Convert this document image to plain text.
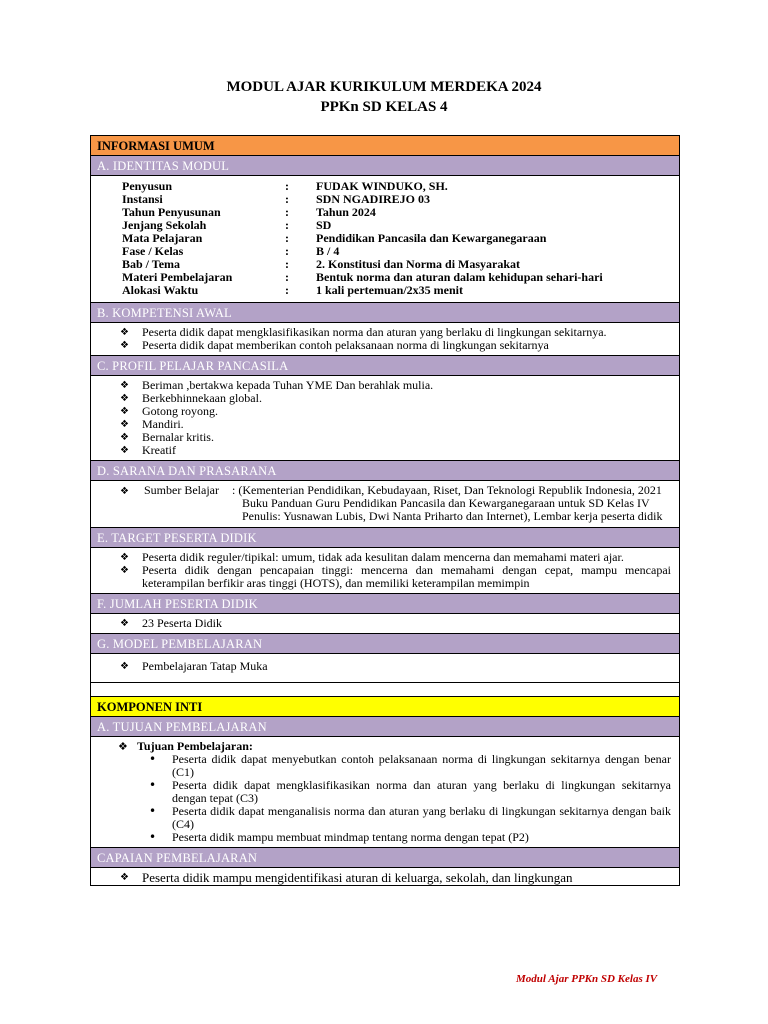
MODUL AJAR KURIKULUM MERDEKA 2024
PPKn SD KELAS 4
INFORMASI UMUM
A. IDENTITAS MODUL
Penyusun	:	FUDAK WINDUKO, SH.
Instansi	:	SDN NGADIREJO 03
Tahun Penyusunan	:	Tahun 2024
Jenjang Sekolah	:	SD
Mata Pelajaran	:	Pendidikan Pancasila dan Kewarganegaraan
Fase / Kelas	:	B / 4
Bab / Tema	:	2. Konstitusi dan Norma di Masyarakat
Materi Pembelajaran	:	Bentuk norma dan aturan dalam kehidupan sehari-hari
Alokasi Waktu	:	1 kali pertemuan/2x35 menit
B. KOMPETENSI AWAL
❖ Peserta didik dapat mengklasifikasikan norma dan aturan yang berlaku di lingkungan sekitarnya.
❖ Peserta didik dapat memberikan contoh pelaksanaan norma di lingkungan sekitarnya
C. PROFIL PELAJAR PANCASILA
❖ Beriman ,bertakwa kepada Tuhan YME Dan berahlak mulia.
❖ Berkebhinnekaan global.
❖ Gotong royong.
❖ Mandiri.
❖ Bernalar kritis.
❖ Kreatif
D. SARANA DAN PRASARANA
❖	Sumber Belajar	: (Kementerian Pendidikan, Kebudayaan, Riset, Dan Teknologi Republik Indonesia, 2021 Buku Panduan Guru Pendidikan Pancasila dan Kewarganegaraan untuk SD Kelas IV Penulis: Yusnawan Lubis, Dwi Nanta Priharto dan Internet), Lembar kerja peserta didik
E. TARGET PESERTA DIDIK
❖ Peserta didik reguler/tipikal: umum, tidak ada kesulitan dalam mencerna dan memahami materi ajar.
❖ Peserta didik dengan pencapaian tinggi: mencerna dan memahami dengan cepat, mampu mencapai keterampilan berfikir aras tinggi (HOTS), dan memiliki keterampilan memimpin
F. JUMLAH PESERTA DIDIK
❖ 23 Peserta Didik
G. MODEL PEMBELAJARAN
❖ Pembelajaran Tatap Muka
KOMPONEN INTI
A. TUJUAN PEMBELAJARAN
❖ Tujuan Pembelajaran:
• Peserta didik dapat menyebutkan contoh pelaksanaan norma di lingkungan sekitarnya dengan benar (C1)
• Peserta didik dapat mengklasifikasikan norma dan aturan yang berlaku di lingkungan sekitarnya dengan tepat (C3)
• Peserta didik dapat menganalisis norma dan aturan yang berlaku di lingkungan sekitarnya dengan baik (C4)
• Peserta didik mampu membuat mindmap tentang norma dengan tepat (P2)
CAPAIAN PEMBELAJARAN
❖ Peserta didik mampu mengidentifikasi aturan di keluarga, sekolah, dan lingkungan
Modul Ajar PPKn SD Kelas IV
